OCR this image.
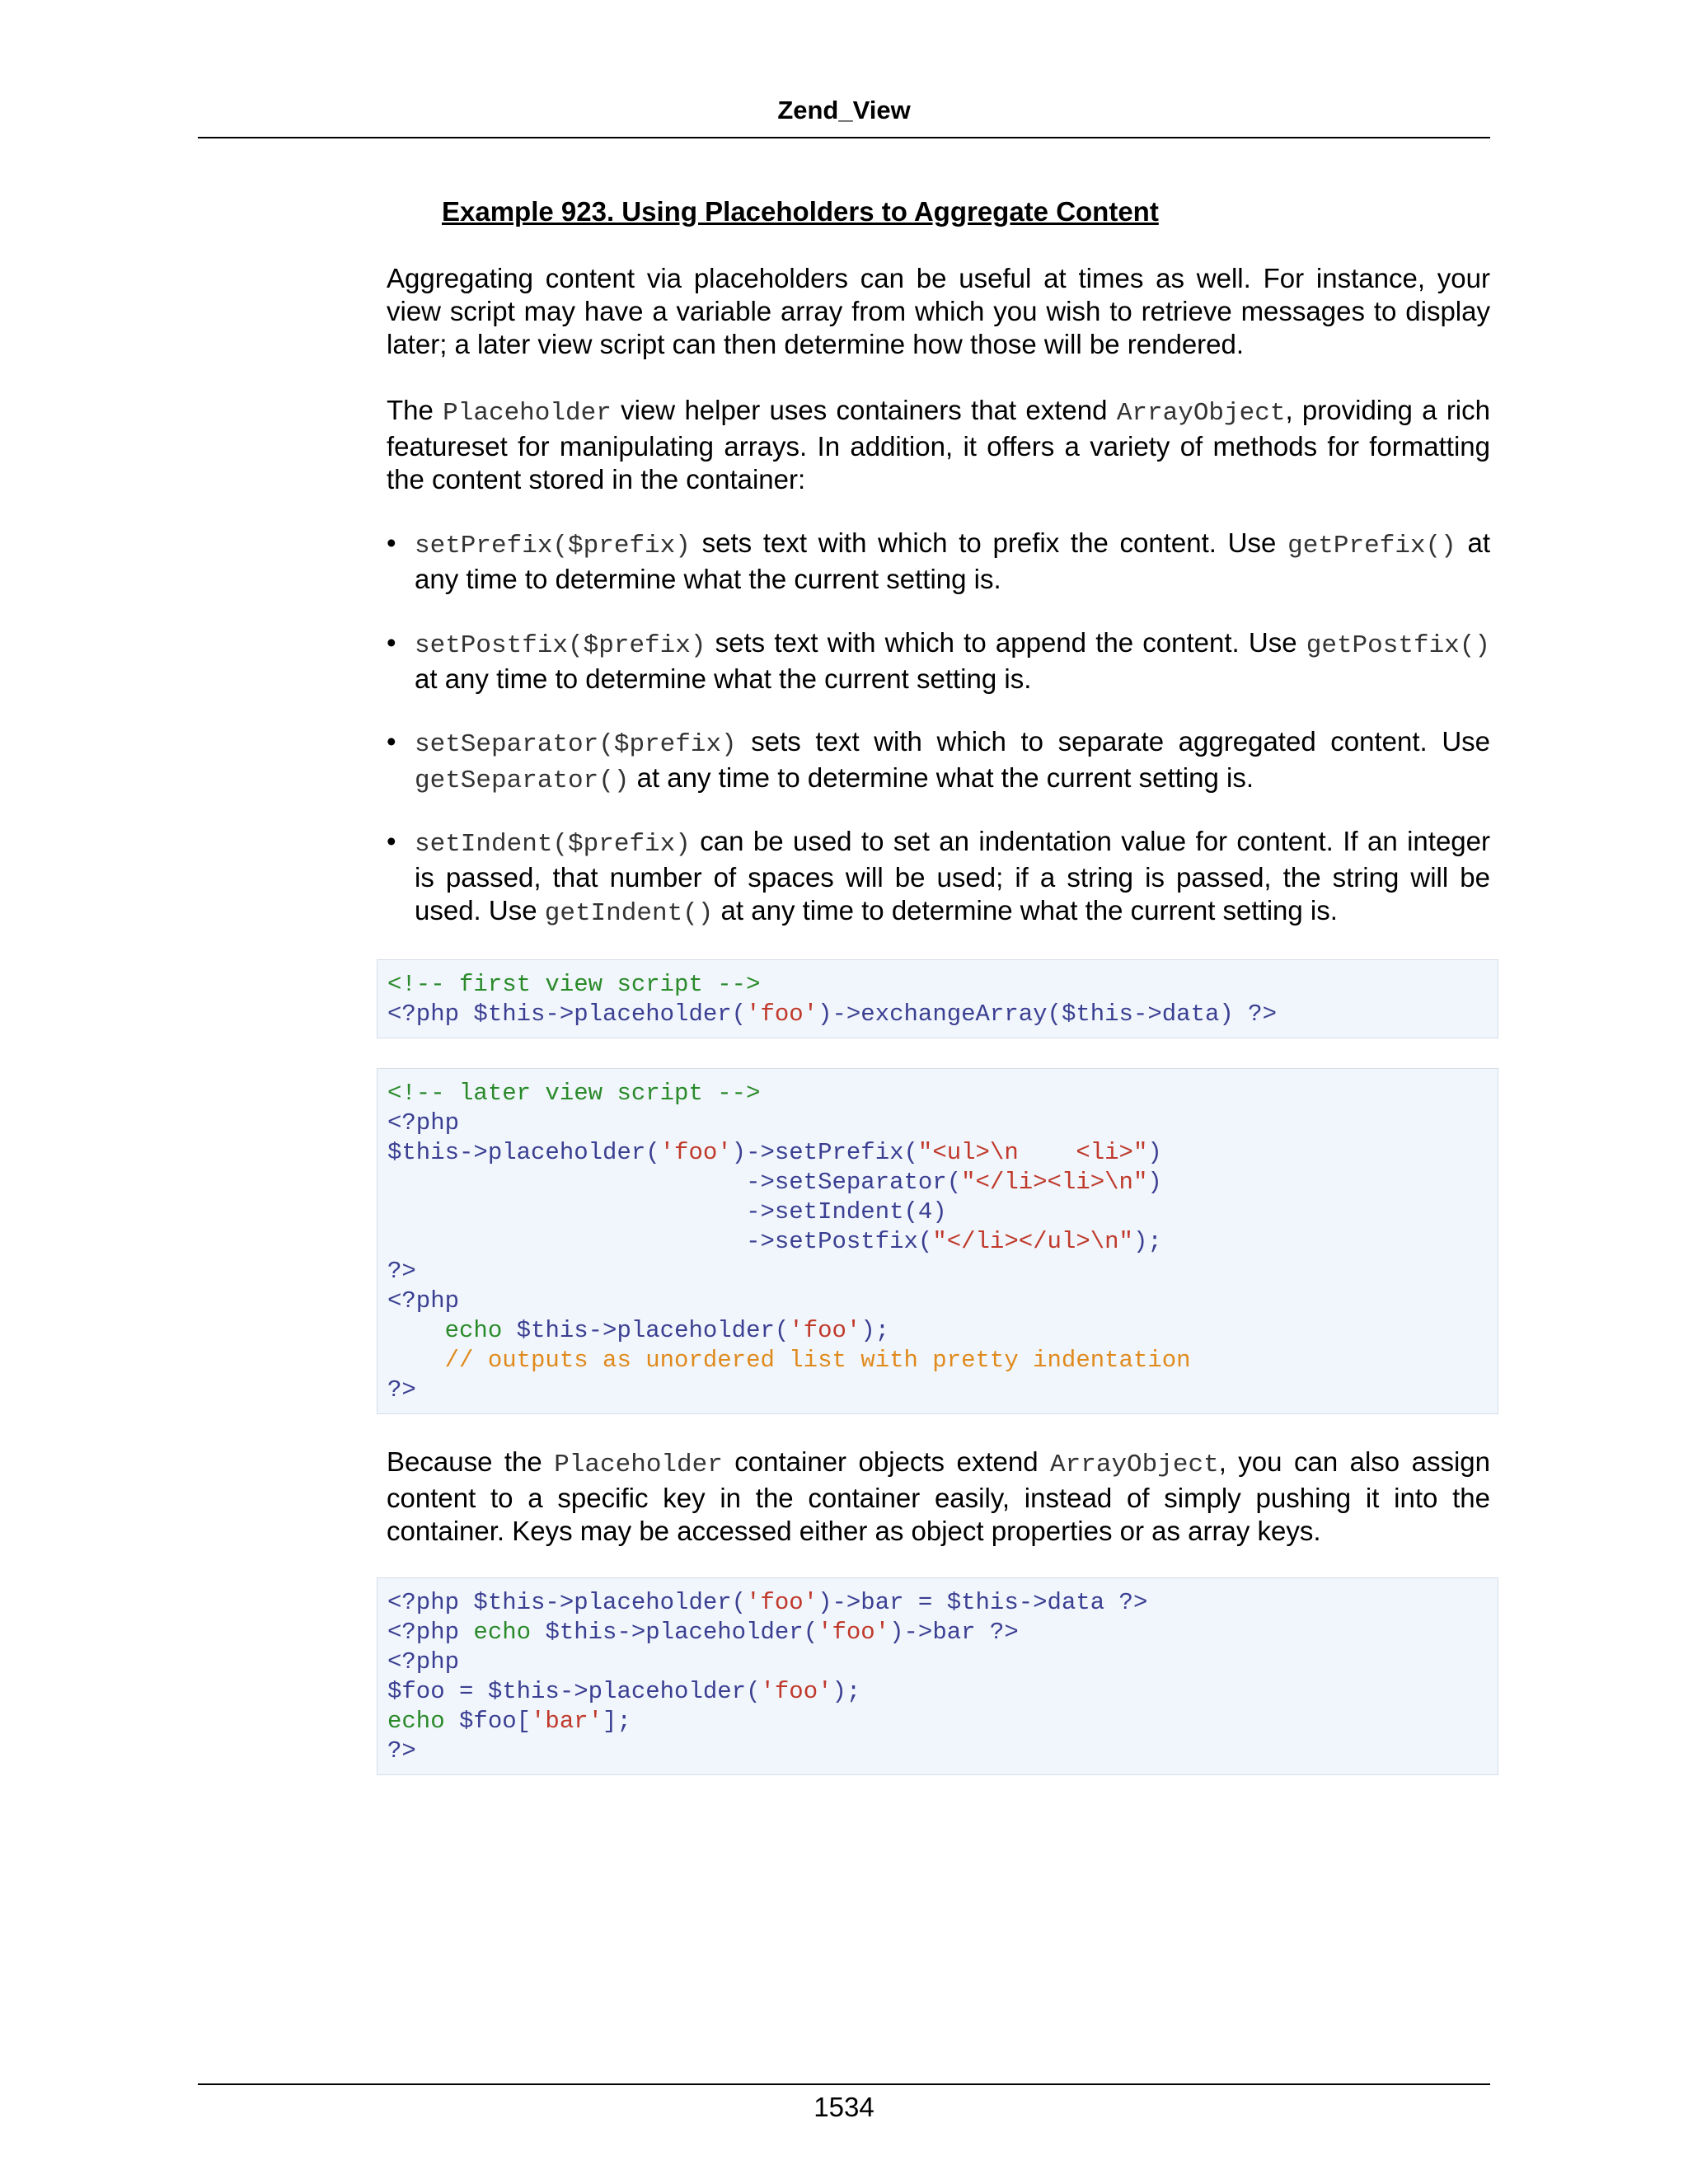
Zend_View
Example 923. Using Placeholders to Aggregate Content

Aggregating content via placeholders can be useful at times as well. For instance, your view script may have a variable array from which you wish to retrieve messages to display later; a later view script can then determine how those will be rendered.

The Placeholder view helper uses containers that extend ArrayObject, providing a rich featureset for manipulating arrays. In addition, it offers a variety of methods for formatting the content stored in the container:

• setPrefix($prefix) sets text with which to prefix the content. Use getPrefix() at any time to determine what the current setting is.
• setPostfix($prefix) sets text with which to append the content. Use getPostfix() at any time to determine what the current setting is.
• setSeparator($prefix) sets text with which to separate aggregated content. Use getSeparator() at any time to determine what the current setting is.
• setIndent($prefix) can be used to set an indentation value for content. If an integer is passed, that number of spaces will be used; if a string is passed, the string will be used. Use getIndent() at any time to determine what the current setting is.
<!-- first view script -->
<?php $this->placeholder('foo')->exchangeArray($this->data) ?>
<!-- later view script -->
<?php
$this->placeholder('foo')->setPrefix("<ul>\n    <li>")
->setSeparator("</li><li>\n")
->setIndent(4)
->setPostfix("</li></ul>\n");
?>
<?php
echo $this->placeholder('foo');
// outputs as unordered list with pretty indentation
?>

Because the Placeholder container objects extend ArrayObject, you can also assign content to a specific key in the container easily, instead of simply pushing it into the container. Keys may be accessed either as object properties or as array keys.

<?php $this->placeholder('foo')->bar = $this->data ?>
<?php echo $this->placeholder('foo')->bar ?>
<?php
$foo = $this->placeholder('foo');
echo $foo['bar'];
?>
1534
